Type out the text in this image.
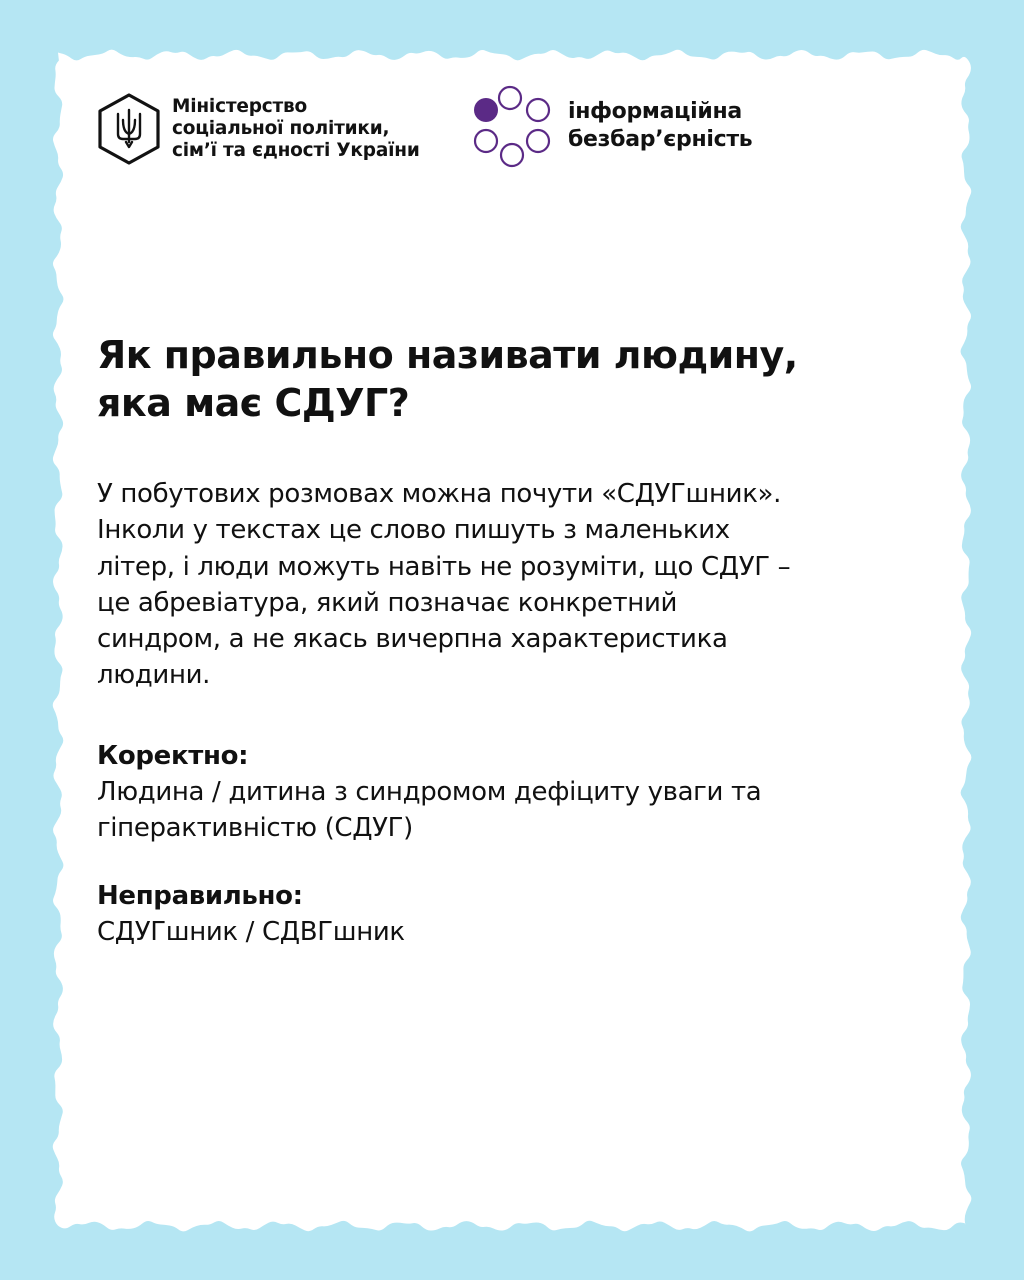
Міністерство
соціальної політики,
сім’ї та єдності України
інформаційна
безбар’єрність
Як правильно називати людину,
яка має СДУГ?
У побутових розмовах можна почути «СДУГшник».
Інколи у текстах це слово пишуть з маленьких
літер, і люди можуть навіть не розуміти, що СДУГ –
це абревіатура, який позначає конкретний
синдром, а не якась вичерпна характеристика
людини.
Коректно:
Людина / дитина з синдромом дефіциту уваги та
гіперактивністю (СДУГ)
Неправильно:
СДУГшник / СДВГшник
